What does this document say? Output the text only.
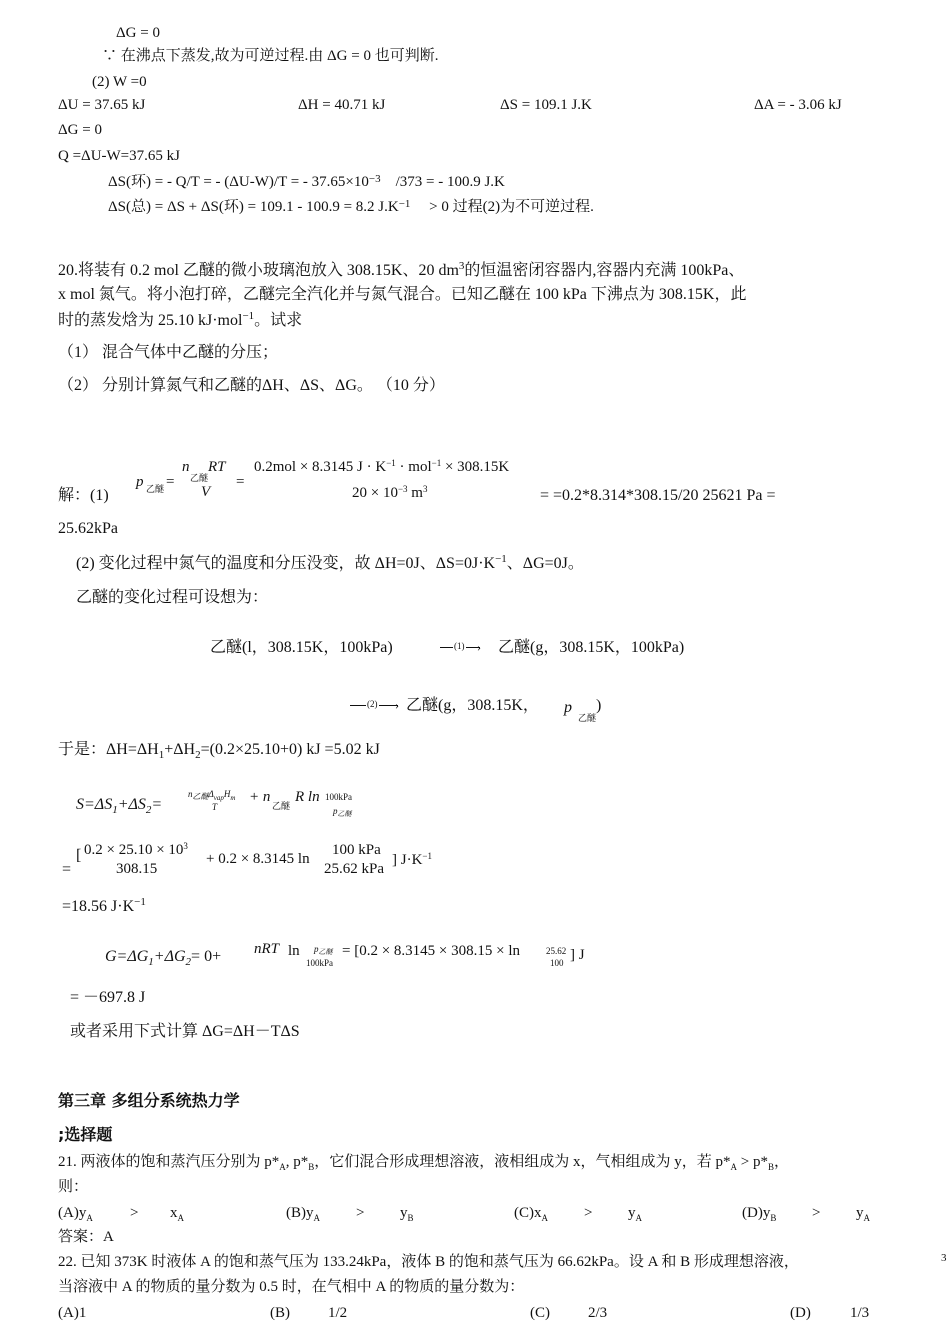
ΔG = 0
∵ 在沸点下蒸发,故为可逆过程.由 ΔG = 0 也可判断.
(2) W =0
ΔU = 37.65 kJ	ΔH = 40.71 kJ	ΔS = 109.1 J.K	ΔA = - 3.06 kJ
ΔG = 0
Q =ΔU-W=37.65 kJ
ΔS(环) = - Q/T = - (ΔU-W)/T = - $37.65\times 10^{-3}$ /373 = - 100.9 J.K
ΔS(总) = ΔS + ΔS(环) = 109.1 - 100.9 = 8.2 $J.K^{-1} > 0$ 过程(2)为不可逆过程.
20.将装有 0.2 mol 乙醚的微小玻璃泡放入 308.15K、20 $dm^3$的恒温密闭容器内,容器内充满 100kPa、
x mol 氮气。将小泡打碎，乙醚完全汽化并与氮气混合。已知乙醚在 100 kPa 下沸点为 308.15K，此
时的蒸发焓为 25.10 kJ·mol$^{-1}$。试求
（1） 混合气体中乙醚的分压；
（2） 分别计算氮气和乙醚的ΔH、ΔS、ΔG。 （10 分）
解：(1)
p 乙醚 =
n
乙醚
RT
V
=
0.2mol × 8.3145 $J \cdot K^{-1} \cdot mol^{-1} \times 308.15K$
$20 \times 10^{-3}$ $m^3$	= =0.2*8.314*308.15/20 25621 Pa =
25.62kPa
(2) 变化过程中氮气的温度和分压没变，故 ΔH=0J、$\Delta S=0J\cdot K^{-1}$、ΔG=0J。
乙醚的变化过程可设想为：
乙醚(l，308.15K，100kPa)	›
(1) 乙醚(g，308.15K，100kPa)
›
(2) 乙醚(g，308.15K， p
乙醚
)
于是：$\Delta H=\Delta H_1+\Delta H_2=(0.2\times 25.10+0)$ kJ =5.02 kJ
$S=\Delta S_1+\Delta S_2=$
n乙醚$\Delta_{vap}H_m$
T
+ n
乙醚
R ln 100kPa
$p_{乙醚}$
=
[ $0.2 \times 25.10 \times 10^3$
308.15
+ 0.2 × 8.3145 ln
100 kPa
25.62 kPa
] $J\cdot K^{-1}$
=18.56 $J\cdot K^{-1}$
$G=\Delta G_1+\Delta G_2= 0+$ nRT $\ln p_{乙醚}$
100kPa
= [0.2 × 8.3145 × 308.15 × ln	25.62
100 ] J
= －697.8 J
或者采用下式计算 ΔG=ΔH－TΔS
第三章 多组分系统热力学
;选择题
21. 两液体的饱和蒸汽压分别为 $p*_A$, $p*_B$，它们混合形成理想溶液，液相组成为 x，气相组成为 y，若 $p*_A > p*_B$，
则：
$(A)y_A > x_A$	$(B)y_A > y_B$	$(C)x_A > y_A$	$(D)y_B > y_A$
答案：A
22. 已知 373K 时液体 A 的饱和蒸气压为 133.24kPa，液体 B 的饱和蒸气压为 66.62kPa。设 A 和 B 形成理想溶液，
当溶液中 A 的物质的量分数为 0.5 时，在气相中 A 的物质的量分数为：
(A)1	(B)	1/2	(C)	2/3	(D)	1/3
3
